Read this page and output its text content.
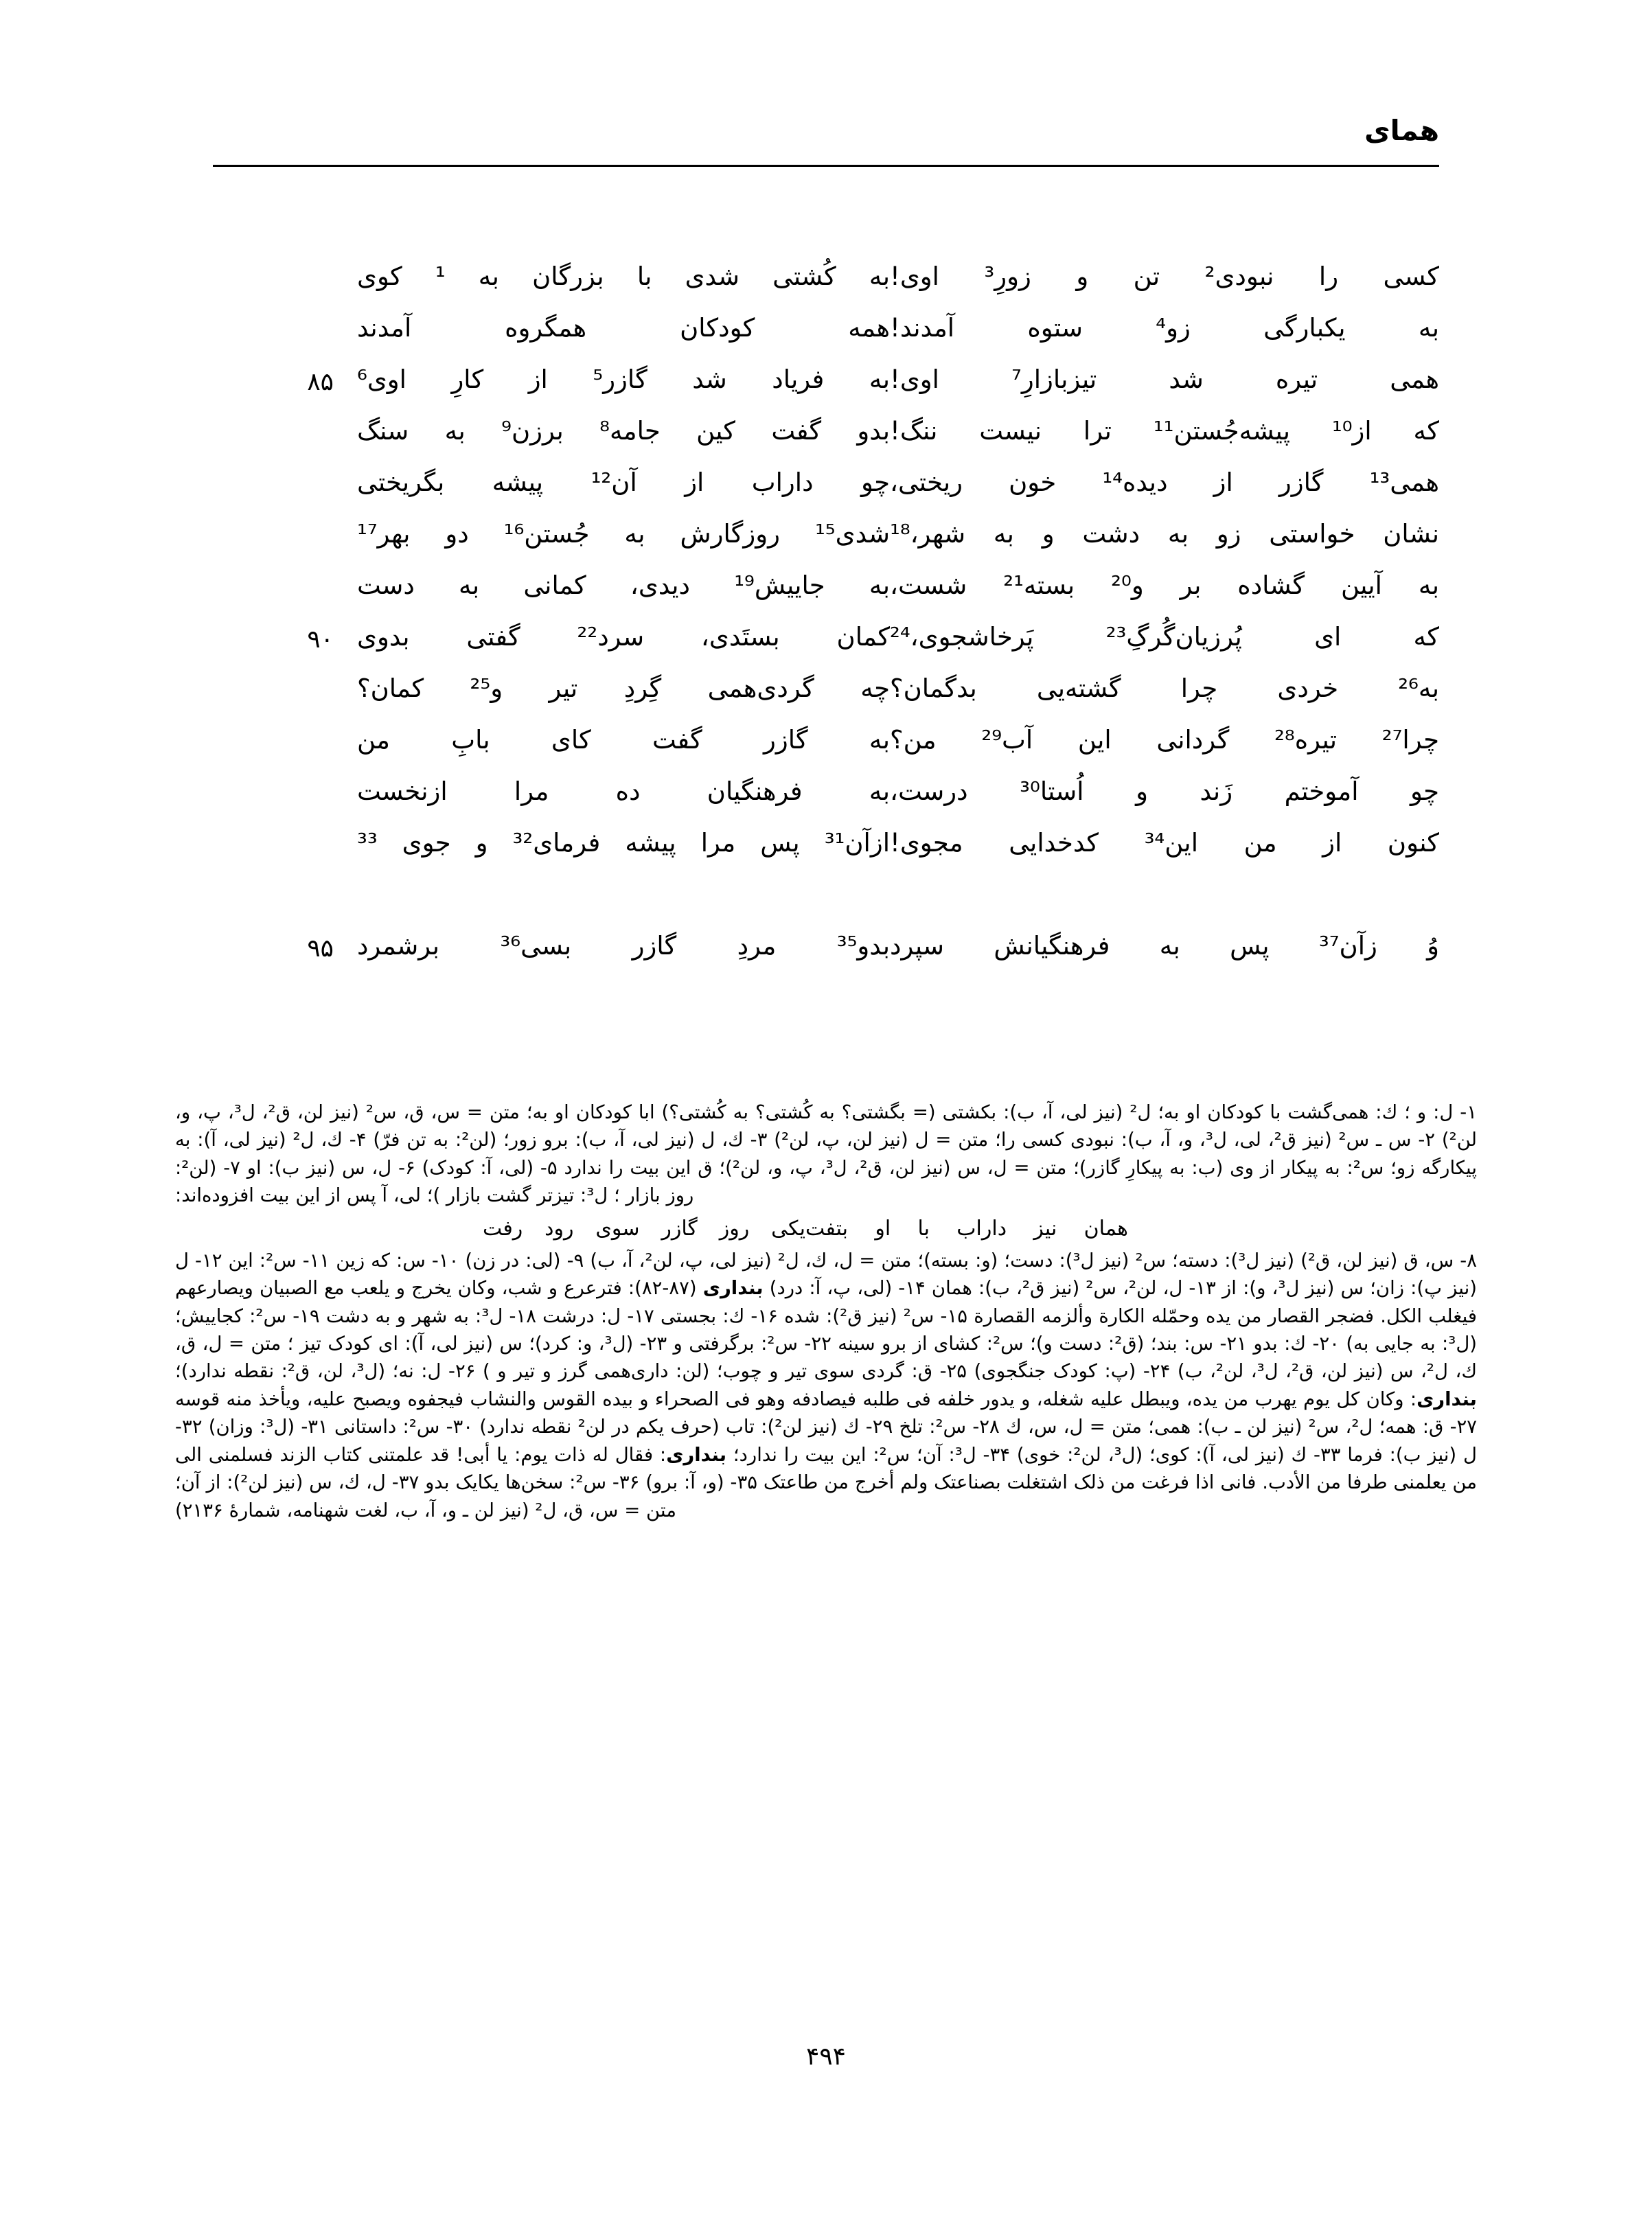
همای
کسی را نبودی² تن و زورِ³ اوی!
به کُشتی شدی با بزرگان به ¹ کوی
به یکبارگی زو⁴ ستوه آمدند!
همه کودکان همگروه آمدند
همی تیره شد تیزبازارِ⁷ اوی!
به فریاد شد گازر⁵ از کارِ اوی⁶
۸۵
که از¹⁰ پیشه‌جُستن¹¹ ترا نیست ننگ!
بدو گفت کین جامه⁸ برزن⁹ به سنگ
همی¹³ گازر از دیده¹⁴ خون ریختی،
چو داراب از آن¹² پیشه بگریختی
نشان خواستی زو به دشت و به شهر،¹⁸
شدی¹⁵ روزگارش به جُستن¹⁶ دو بهر¹⁷
به آیین گشاده بر و²⁰ بسته²¹ شست،
به جاییش¹⁹ دیدی، کمانی به دست
که ای پُرزیان‌گُرگِ²³ پَرخاشجوی،²⁴
کمان بستَدی، سرد²² گفتی بدوی
۹۰
به²⁶ خردی چرا گشته‌یی بدگمان؟
چه گردی‌همی گِردِ تیر و²⁵ کمان؟
چرا²⁷ تیره²⁸ گردانی این آب²⁹ من؟
به گازر گفت کای بابِ من
چو آموختم زَند و اُستا³⁰ درست،
به فرهنگیان ده مرا ازنخست
کنون از من این³⁴ کدخدایی مجوی!
ازآن³¹ پس مرا پیشه فرمای³² و جوی ³³
وُ زآن³⁷ پس به فرهنگیانش سپرد
بدو³⁵ مردِ گازر بسی³⁶ برشمرد
۹۵

۱- ل: و ؛ ك: همی‌گشت با کودکان او به؛ ل² (نیز لی، آ، ب): بکشتی (= بگشتی؟ به کُشتی؟ به کُشتی؟) ابا کودکان او به؛ متن = س، ق، س² (نیز لن، ق²، ل³، پ، و، لن²) ۲- س ـ س² (نیز ق²، لی، ل³، و، آ، ب): نبودی کسی را؛ متن = ل (نیز لن، پ، لن²) ۳- ك، ل (نیز لی، آ، ب): برو زور؛ (لن²: به تن فرّ) ۴- ك، ل² (نیز لی، آ): به پیکارگه زو؛ س²: به پیکار از وی (ب: به پیکارِ گازر)؛ متن = ل، س (نیز لن، ق²، ل³، پ، و، لن²)؛ ق این بیت را ندارد ۵- (لی، آ: کودک) ۶- ل، س (نیز ب): او ۷- (لن²: روز بازار ؛ ل³: تیزتر گشت بازار )؛ لی، آ پس از این بیت افزوده‌اند:

همان نیز داراب با او بتفتیکی روز گازر سوی رود رفت

۸- س، ق (نیز لن، ق²) (نیز ل³): دسته؛ س² (نیز ل³): دست؛ (و: بسته)؛ متن = ل، ك، ل² (نیز لی، پ، لن²، آ، ب) ۹- (لی: در زن) ۱۰- س: که زین ۱۱- س²: این ۱۲- ل (نیز پ): زان؛ س (نیز ل³، و): از ۱۳- ل، لن²، س² (نیز ق²، ب): همان ۱۴- (لی، پ، آ: درد) بنداری (۸۷-۸۲): فترعرع و شب، وکان یخرج و یلعب مع الصبیان ویصارعهم فیغلب الکل. فضجر القصار من یده وحمّله الکارة وألزمه القصارة ۱۵- س² (نیز ق²): شده ۱۶- ك: بجستی ۱۷- ل: درشت ۱۸- ل³: به شهر و به دشت ۱۹- س²: کجاییش؛ (ل³: به جایی به) ۲۰- ك: بدو ۲۱- س: بند؛ (ق²: دست و)؛ س²: کشای از برو سینه ۲۲- س²: برگرفتی و ۲۳- (ل³، و: کرد)؛ س (نیز لی، آ): ای کودک تیز ؛ متن = ل، ق، ك، ل²، س (نیز لن، ق²، ل³، لن²، ب) ۲۴- (پ: کودک جنگجوی) ۲۵- ق: گردی سوی تیر و چوب؛ (لن: داری‌همی گرز و تیر و ) ۲۶- ل: نه؛ (ل³، لن، ق²: نقطه ندارد)؛ بنداری: وکان کل یوم یهرب من یده، ویبطل علیه شغله، و یدور خلفه فی طلبه فیصادفه وهو فی الصحراء و بیده القوس والنشاب فیجفوه ویصبح علیه، ویأخذ منه قوسه ۲۷- ق: همه؛ ل²، س² (نیز لن ـ ب): همی؛ متن = ل، س، ك ۲۸- س²: تلخ ۲۹- ك (نیز لن²): تاب (حرف یکم در لن² نقطه ندارد) ۳۰- س²: داستانی ۳۱- (ل³: وزان) ۳۲- ل (نیز ب): فرما ۳۳- ك (نیز لی، آ): کوی؛ (ل³، لن²: خوی) ۳۴- ل³: آن؛ س²: این بیت را ندارد؛ بنداری: فقال له ذات یوم: یا أبی! قد علمتنی کتاب الزند فسلمنی الی من یعلمنی طرفا من الأدب. فانی اذا فرغت من ذلک اشتغلت بصناعتک ولم أخرج من طاعتک ۳۵- (و، آ: برو) ۳۶- س²: سخن‌ها یکایک بدو ۳۷- ل، ك، س (نیز لن²): از آن؛

متن = س، ق، ل² (نیز لن ـ و، آ، ب، لغت شهنامه، شمارهٔ ۲۱۳۶)

۴۹۴
